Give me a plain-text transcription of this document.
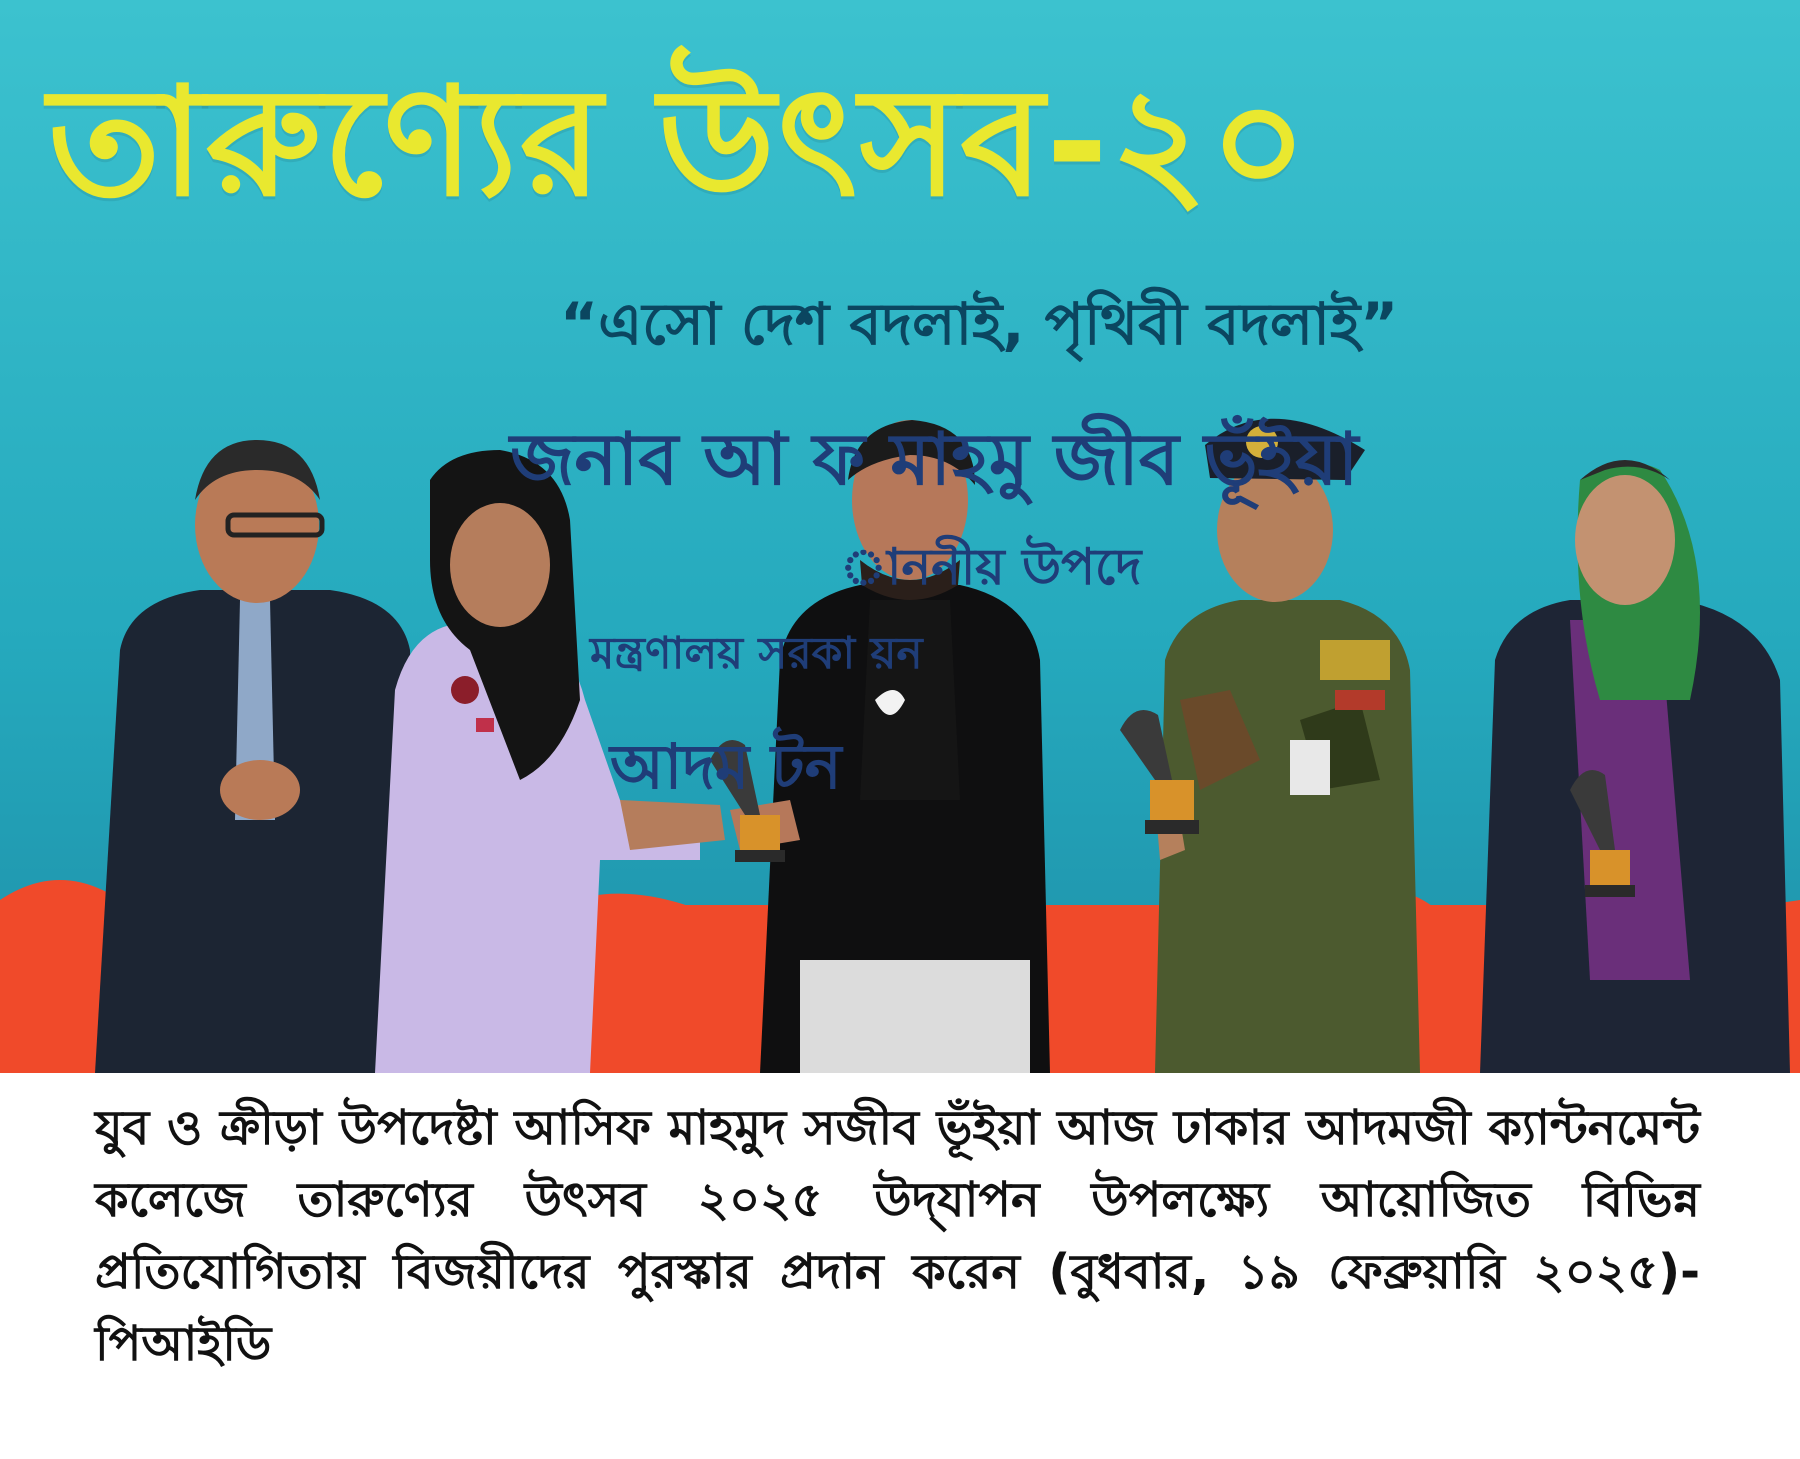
তারুণ্যের উৎসব-২০
“এসো দেশ বদলাই, পৃথিবী বদলাই”
জনাব আ ফ মাহমু জীব ভূঁইয়া
াননীয় উপদে
মন্ত্রণালয় সরকা য়ন
আদম টন

যুব ও ক্রীড়া উপদেষ্টা আসিফ মাহমুদ সজীব ভূঁইয়া আজ ঢাকার আদমজী ক্যান্টনমেন্ট কলেজে তারুণ্যের উৎসব ২০২৫ উদ্‌যাপন উপলক্ষ্যে আয়োজিত বিভিন্ন প্রতিযোগিতায় বিজয়ীদের পুরস্কার প্রদান করেন (বুধবার, ১৯ ফেব্রুয়ারি ২০২৫)-পিআইডি
